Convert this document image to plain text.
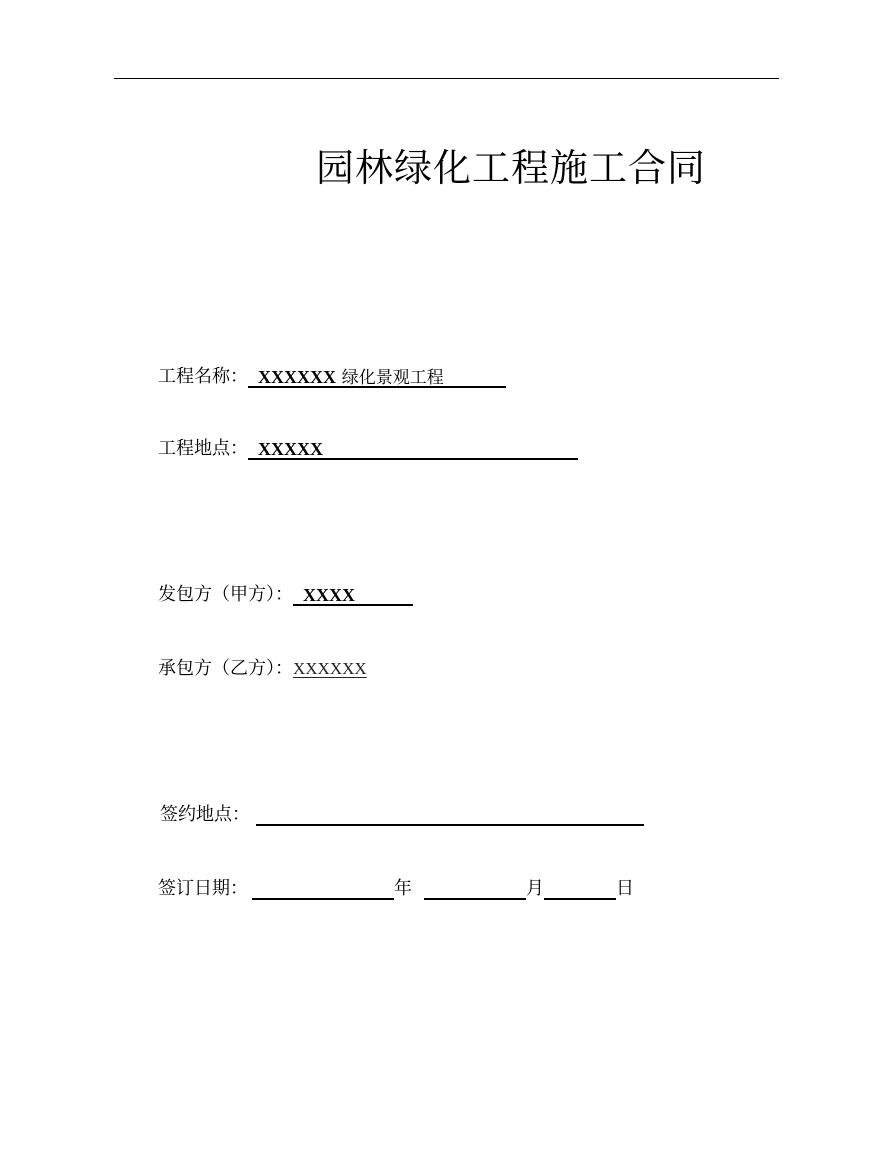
园林绿化工程施工合同
工程名称： XXXXXX 绿化景观工程
工程地点： XXXXX
发包方（甲方）： XXXX
承包方（乙方）： XXXXXX
签约地点：
签订日期：	年	月	日
